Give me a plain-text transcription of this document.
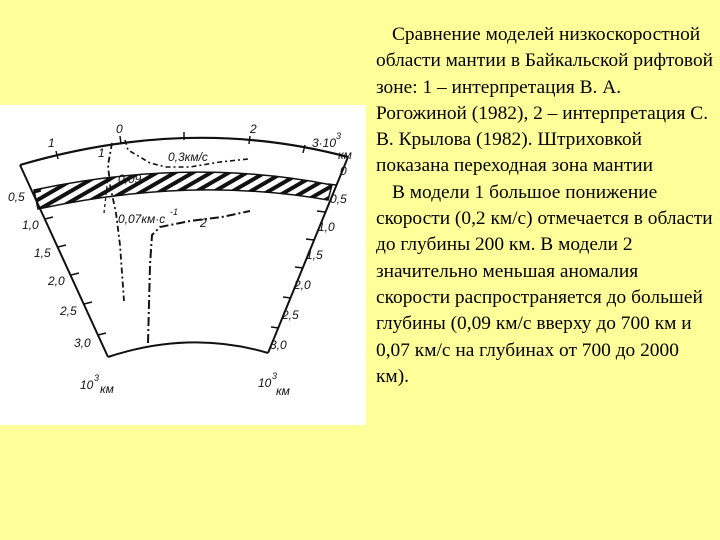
1
0	2
3·10 3
км
0,5
1,0
1,5
2,0
2,5
3,0
0
0,5
1,0
1,5
2,0
2,5
3,0
1
2
0,3км/с
0,09
0,07км·с -1
10 3
км	10 3
км

Сравнение моделей низкоскоростной области мантии в Байкальской рифтовой зоне: 1 – интерпретация В. А. Рогожиной (1982), 2 – интерпретация С. В. Крылова (1982). Штриховкой показана переходная зона мантии

В модели 1 большое понижение скорости (0,2 км/с) отмечается в области до глубины 200 км. В модели 2 значительно меньшая аномалия скорости распространяется до большей глубины (0,09 км/с вверху до 700 км и 0,07 км/с на глубинах от 700 до 2000 км).
